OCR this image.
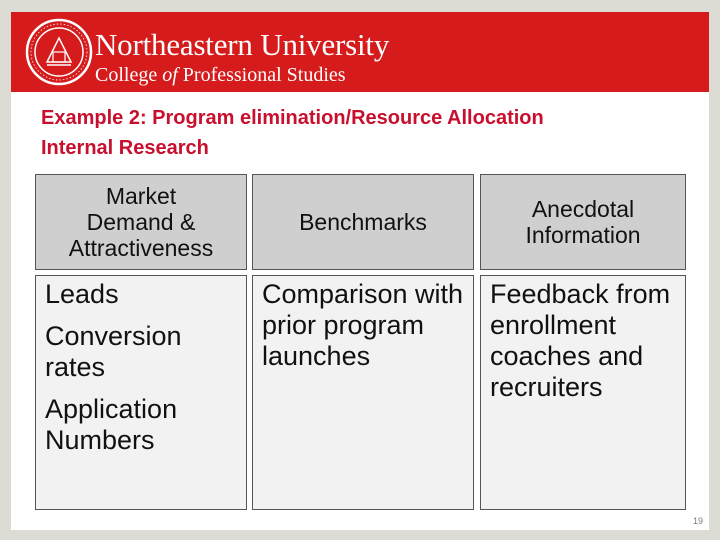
Northeastern University
College of Professional Studies
Example 2: Program elimination/Resource Allocation
Internal Research
Market
Demand &
Attractiveness

Leads

Conversion rates

Application Numbers

Benchmarks

Comparison with prior program launches

Anecdotal
Information

Feedback from enrollment coaches and recruiters

19
